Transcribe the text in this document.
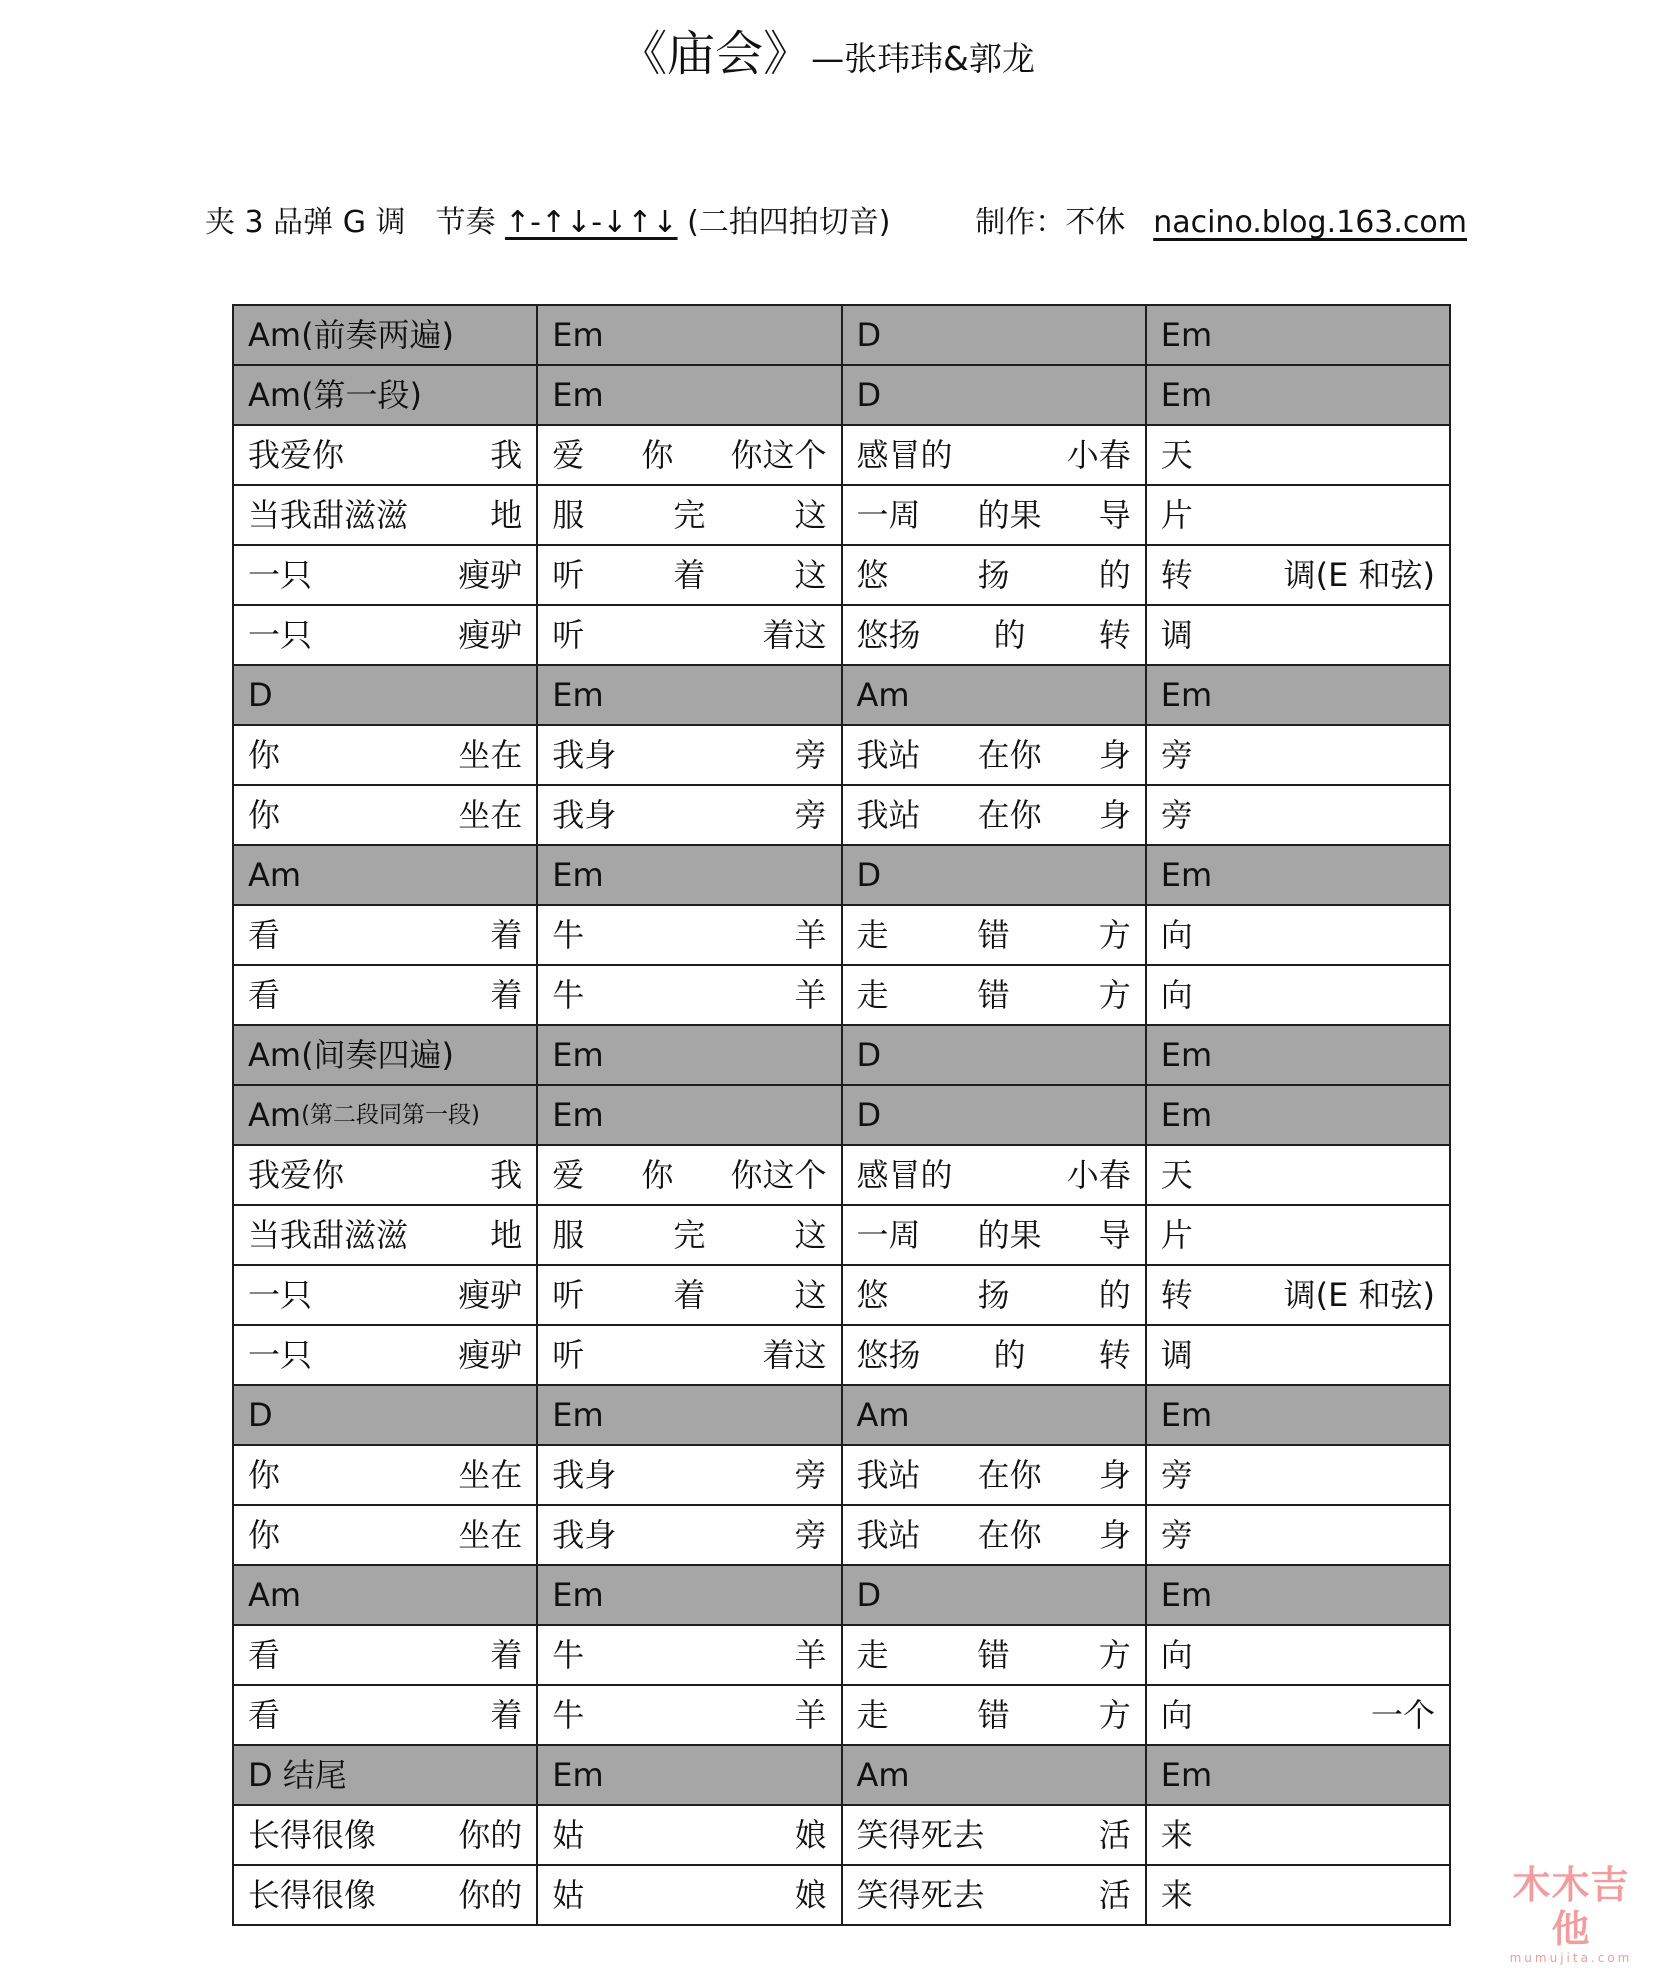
《庙会》—张玮玮&郭龙
夹 3 品弹 G 调 节奏 ↑-↑↓-↓↑↓ (二拍四拍切音)	制作：不休 nacino.blog.163.com
Am(前奏两遍)	Em	D	Em

Am(第一段)	Em	D	Em

我爱你 我	爱 你 你这个	感冒的 小春	天

当我甜滋滋 地	服 完 这	一周 的果 导	片

一只 瘦驴	听 着 这	悠 扬 的	转 调(E 和弦)

一只 瘦驴	听 着这	悠扬 的 转	调

D	Em	Am	Em

你 坐在	我身 旁	我站 在你 身	旁

你 坐在	我身 旁	我站 在你 身	旁

Am	Em	D	Em

看 着	牛 羊	走 错 方	向

看 着	牛 羊	走 错 方	向

Am(间奏四遍)	Em	D	Em

Am (第二段同第一段)	Em	D	Em

我爱你 我	爱 你 你这个	感冒的 小春	天

当我甜滋滋 地	服 完 这	一周 的果 导	片

一只 瘦驴	听 着 这	悠 扬 的	转 调(E 和弦)

一只 瘦驴	听 着这	悠扬 的 转	调

D	Em	Am	Em

你 坐在	我身 旁	我站 在你 身	旁

你 坐在	我身 旁	我站 在你 身	旁

Am	Em	D	Em

看 着	牛 羊	走 错 方	向

看 着	牛 羊	走 错 方	向 一个

D 结尾	Em	Am	Em

长得很像 你的	姑 娘	笑得死去 活	来

长得很像 你的	姑 娘	笑得死去 活	来	木木吉他
mumujita.com
